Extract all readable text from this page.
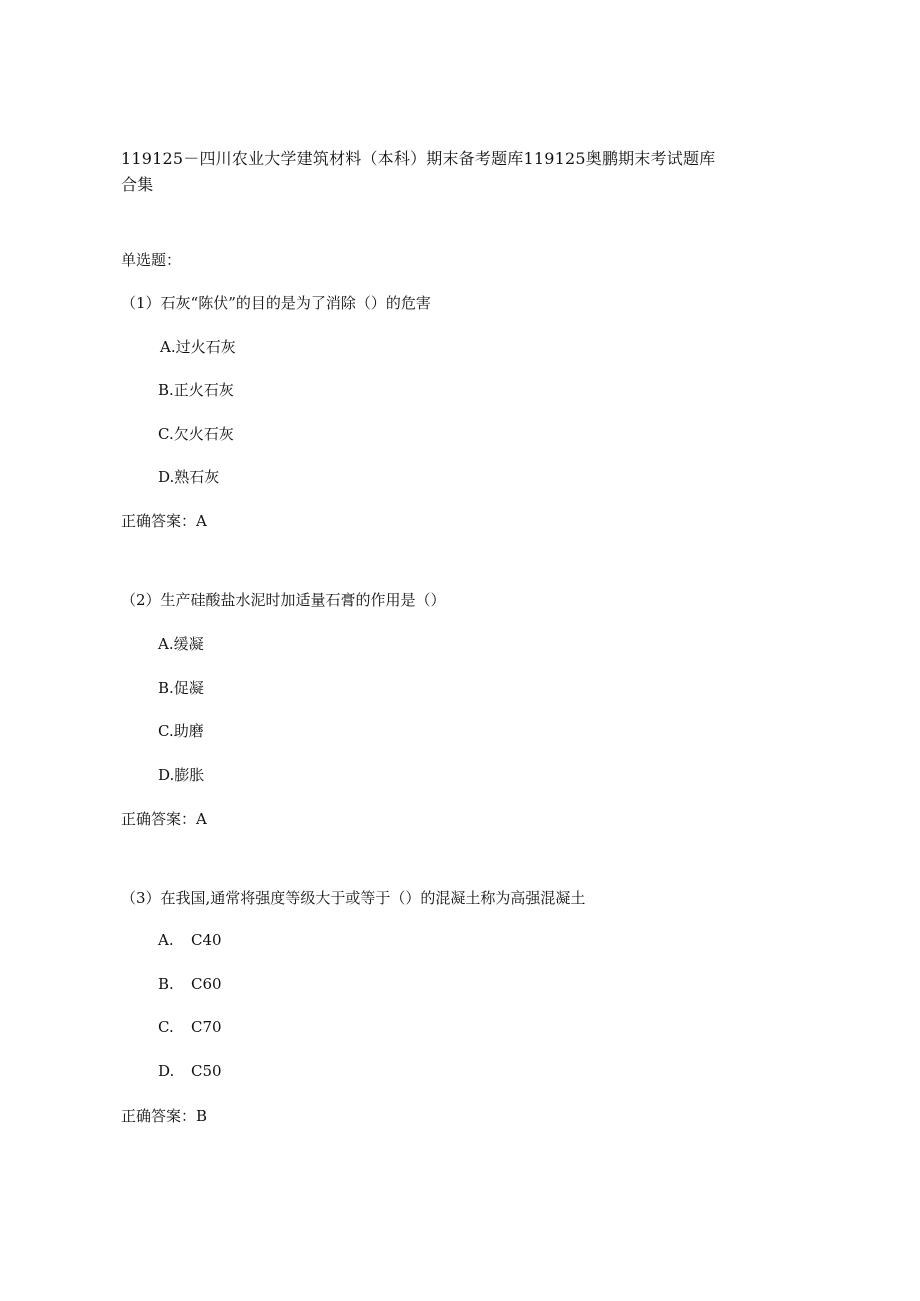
119125－四川农业大学建筑材料（本科）期末备考题库119125奥鹏期末考试题库合集
单选题：
（1）石灰“陈伏”的目的是为了消除（）的危害
A.过火石灰
B.正火石灰
C.欠火石灰
D.熟石灰
正确答案：A
（2）生产硅酸盐水泥时加适量石膏的作用是（）
A.缓凝
B.促凝
C.助磨
D.膨胀
正确答案：A
（3）在我国,通常将强度等级大于或等于（）的混凝土称为高强混凝土
A. C40
B. C60
C. C70
D. C50
正确答案：B
